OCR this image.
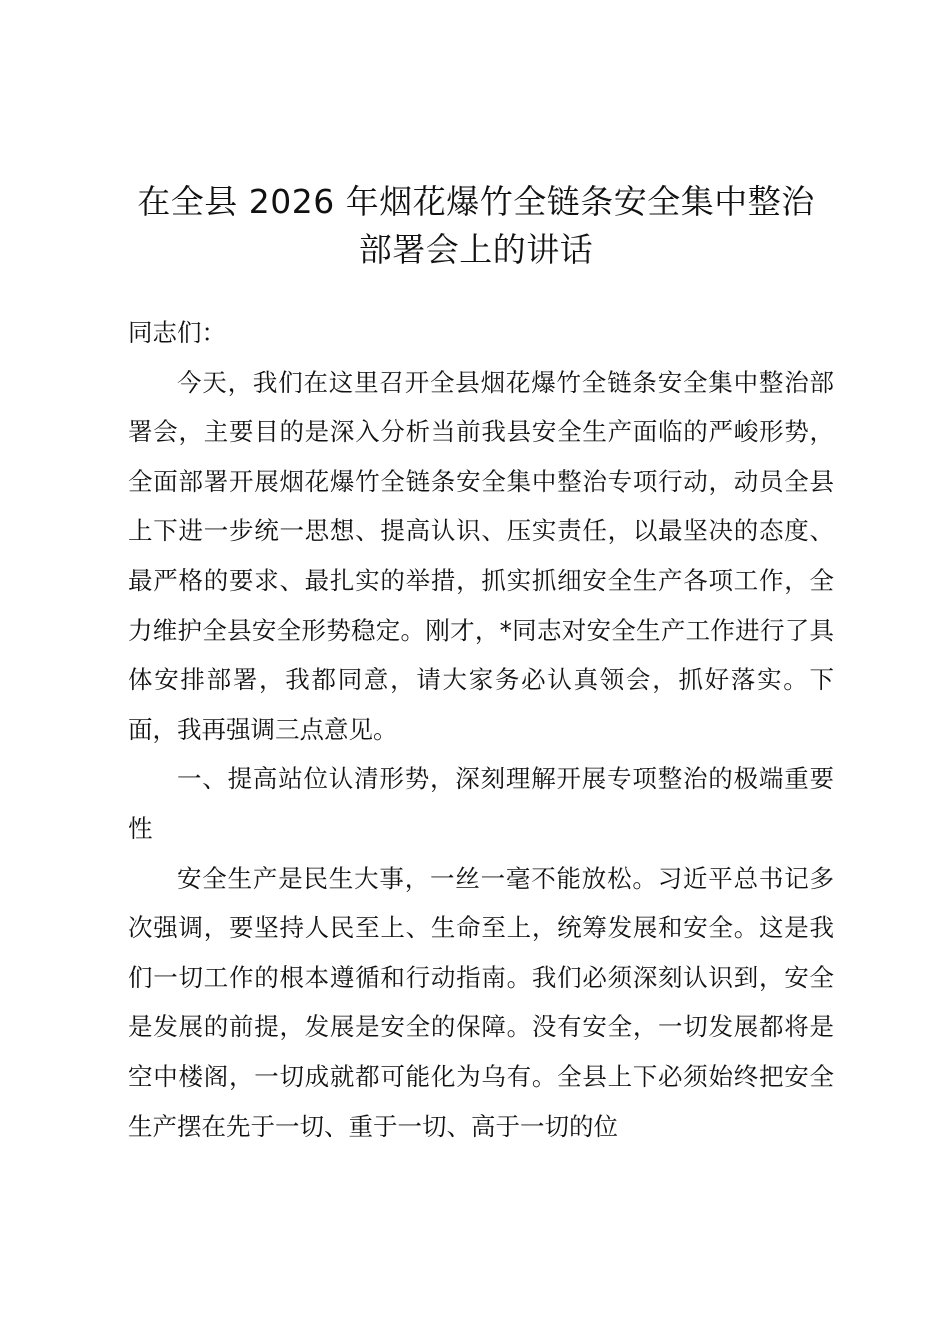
在全县 2026 年烟花爆竹全链条安全集中整治
部署会上的讲话

同志们：

今天，我们在这里召开全县烟花爆竹全链条安全集中整治部署会，主要目的是深入分析当前我县安全生产面临的严峻形势，全面部署开展烟花爆竹全链条安全集中整治专项行动，动员全县上下进一步统一思想、提高认识、压实责任，以最坚决的态度、最严格的要求、最扎实的举措，抓实抓细安全生产各项工作，全力维护全县安全形势稳定。刚才，*同志对安全生产工作进行了具体安排部署，我都同意，请大家务必认真领会，抓好落实。下面，我再强调三点意见。

一、提高站位认清形势，深刻理解开展专项整治的极端重要性

安全生产是民生大事，一丝一毫不能放松。习近平总书记多次强调，要坚持人民至上、生命至上，统筹发展和安全。这是我们一切工作的根本遵循和行动指南。我们必须深刻认识到，安全是发展的前提，发展是安全的保障。没有安全，一切发展都将是空中楼阁，一切成就都可能化为乌有。全县上下必须始终把安全生产摆在先于一切、重于一切、高于一切的位
